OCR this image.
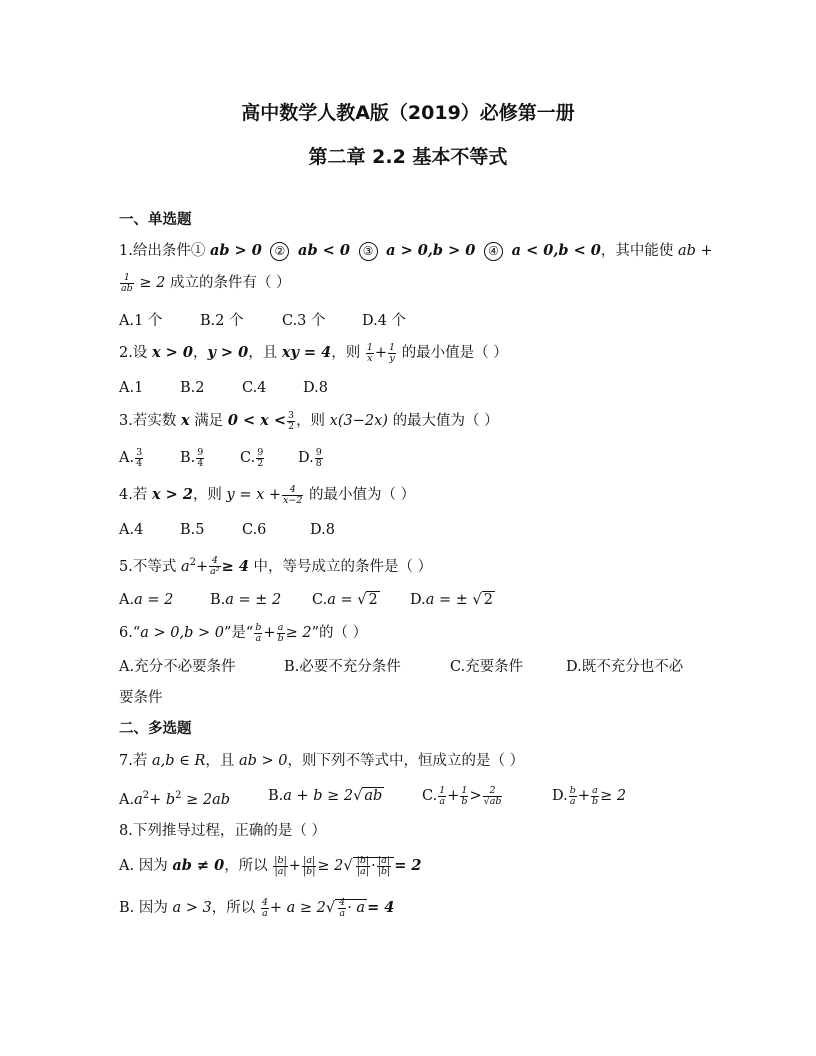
高中数学人教A版（2019）必修第一册
第二章 2.2 基本不等式
一、单选题
1.给出条件① ab > 0 ② ab < 0 ③ a > 0,b > 0 ④ a < 0,b < 0，其中能使 ab +
$\frac{1}{ab} \ge 2$ 成立的条件有（ ）
A.1 个	B.2 个	C.3 个	D.4 个
2.设 x > 0，y > 0，且 xy = 4，则 $\frac{1}{x} + \frac{1}{y}$ 的最小值是（ ）
A.1	B.2	C.4	D.8
3.若实数 x 满足 $0 < x < \frac{3}{2}$ ，则 x(3−2x) 的最大值为（ ）
A. $\frac{3}{4}$	B. $\frac{9}{4} C$. $\frac{9}{2} D$. $\frac{9}{8}$
4.若 x > 2，则 $y = x + \frac{4}{x-2}$ 的最小值为（ ）
A.4	B.5	C.6	D.8
5.不等式 $a^2+ \frac{4}{\text{a²}} \ge 4$ 中，等号成立的条件是（ ）
A.a = 2	B.a = ± 2 C.a = √ 2 D.a = ± √ 2
6.“a > 0,b > 0”是“ $\frac{b}{a} + \frac{a}{b} \ge 2$”的（ ）
A.充分不必要条件	B.必要不充分条件	C.充要条件	D.既不充分也不必
要条件
二、多选题
7.若 a,b ∈ R，且 ab > 0，则下列不等式中，恒成立的是（ ）
$A.a^2+ b^2 \ge 2ab$	B.a + b ≥ 2√ ab	C. $\frac{1}{a} + \frac{1}{b} > \frac{2}{√ab}$	D. $\frac{b}{a} + \frac{a}{b} \ge 2$
8.下列推导过程，正确的是（ ）
A. 因为 ab ≠ 0，所以 $\frac{|b|}{|a|} + \frac{|a|}{|b|} \ge 2√ \frac{|b|}{|a|} \cdot \frac{|a|}{|b|} = 2$
B. 因为 a > 3，所以 $\frac{4}{a} + a \ge 2√ \frac{4}{a} \cdot a = 4$
